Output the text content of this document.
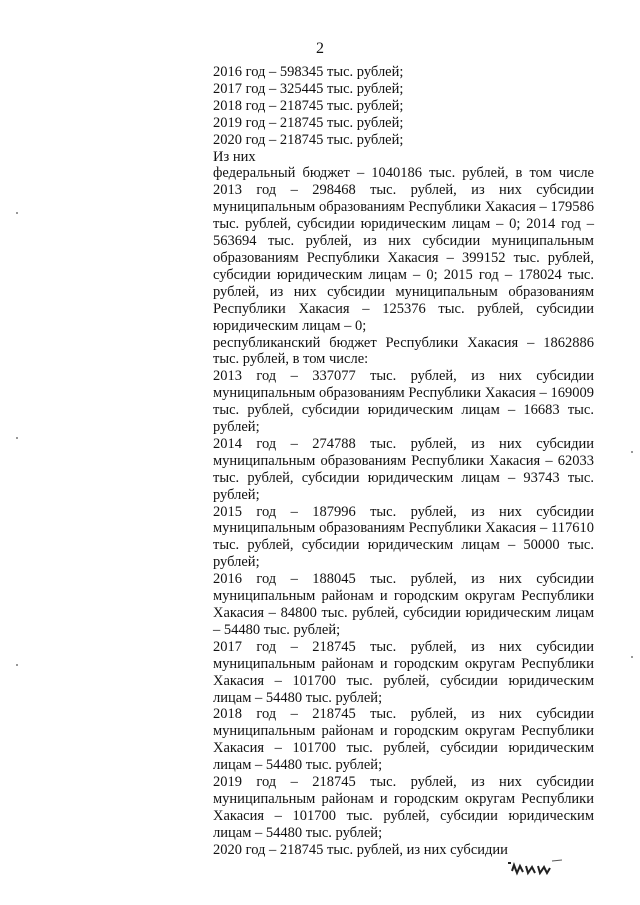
2

2016 год – 598345 тыс. рублей;

2017 год – 325445 тыс. рублей;

2018 год – 218745 тыс. рублей;

2019 год – 218745 тыс. рублей;

2020 год – 218745 тыс. рублей;

Из них

федеральный бюджет – 1040186 тыс. рублей, в том числе 2013 год – 298468 тыс. рублей, из них субсидии муниципальным образованиям Республики Хакасия – 179586 тыс. рублей, субсидии юридическим лицам – 0; 2014 год – 563694 тыс. рублей, из них субсидии муниципальным образованиям Республики Хакасия – 399152 тыс. рублей, субсидии юридическим лицам – 0; 2015 год – 178024 тыс. рублей, из них субсидии муниципальным образованиям Республики Хакасия – 125376 тыс. рублей, субсидии юридическим лицам – 0;

республиканский бюджет Республики Хакасия – 1862886 тыс. рублей, в том числе:

2013 год – 337077 тыс. рублей, из них субсидии муниципальным образованиям Республики Хакасия – 169009 тыс. рублей, субсидии юридическим лицам – 16683 тыс. рублей;

2014 год – 274788 тыс. рублей, из них субсидии муниципальным образованиям Республики Хакасия – 62033 тыс. рублей, субсидии юридическим лицам – 93743 тыс. рублей;

2015 год – 187996 тыс. рублей, из них субсидии муниципальным образованиям Республики Хакасия – 117610 тыс. рублей, субсидии юридическим лицам – 50000 тыс. рублей;

2016 год – 188045 тыс. рублей, из них субсидии муниципальным районам и городским округам Республики Хакасия – 84800 тыс. рублей, субсидии юридическим лицам – 54480 тыс. рублей;

2017 год – 218745 тыс. рублей, из них субсидии муниципальным районам и городским округам Республики Хакасия – 101700 тыс. рублей, субсидии юридическим лицам – 54480 тыс. рублей;

2018 год – 218745 тыс. рублей, из них субсидии муниципальным районам и городским округам Республики Хакасия – 101700 тыс. рублей, субсидии юридическим лицам – 54480 тыс. рублей;

2019 год – 218745 тыс. рублей, из них субсидии муниципальным районам и городским округам Республики Хакасия – 101700 тыс. рублей, субсидии юридическим лицам – 54480 тыс. рублей;

2020 год – 218745 тыс. рублей, из них субсидии
